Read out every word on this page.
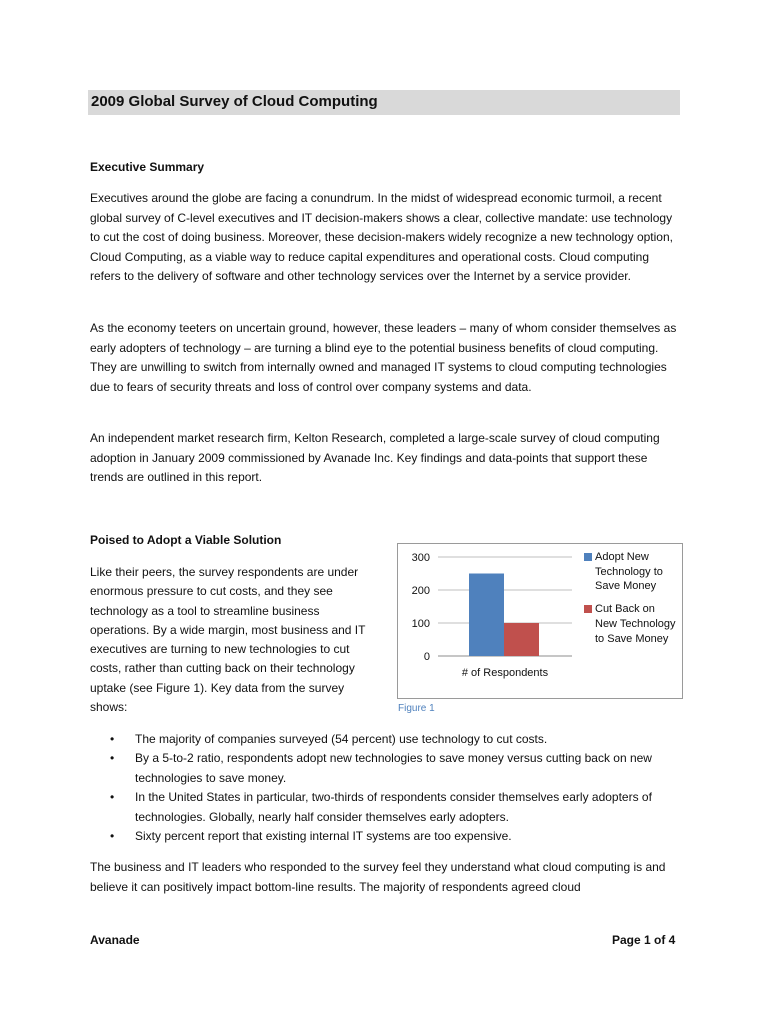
2009 Global Survey of Cloud Computing
Executive Summary

Executives around the globe are facing a conundrum. In the midst of widespread economic turmoil, a recent global survey of C-level executives and IT decision-makers shows a clear, collective mandate: use technology to cut the cost of doing business. Moreover, these decision-makers widely recognize a new technology option, Cloud Computing, as a viable way to reduce capital expenditures and operational costs. Cloud computing refers to the delivery of software and other technology services over the Internet by a service provider.

As the economy teeters on uncertain ground, however, these leaders – many of whom consider themselves as early adopters of technology – are turning a blind eye to the potential business benefits of cloud computing. They are unwilling to switch from internally owned and managed IT systems to cloud computing technologies due to fears of security threats and loss of control over company systems and data.

An independent market research firm, Kelton Research, completed a large-scale survey of cloud computing adoption in January 2009 commissioned by Avanade Inc. Key findings and data-points that support these trends are outlined in this report.

Poised to Adopt a Viable Solution

Like their peers, the survey respondents are under enormous pressure to cut costs, and they see technology as a tool to streamline business operations. By a wide margin, most business and IT executives are turning to new technologies to cut costs, rather than cutting back on their technology uptake (see Figure 1). Key data from the survey shows:

0
100
200
300
# of Respondents
Adopt New Technology to Save Money
Cut Back on New Technology to Save Money
Figure 1
• The majority of companies surveyed (54 percent) use technology to cut costs.
• By a 5-to-2 ratio, respondents adopt new technologies to save money versus cutting back on new technologies to save money.
• In the United States in particular, two-thirds of respondents consider themselves early adopters of technologies. Globally, nearly half consider themselves early adopters.
• Sixty percent report that existing internal IT systems are too expensive.

The business and IT leaders who responded to the survey feel they understand what cloud computing is and believe it can positively impact bottom-line results. The majority of respondents agreed cloud

Avanade	Page 1 of 4
